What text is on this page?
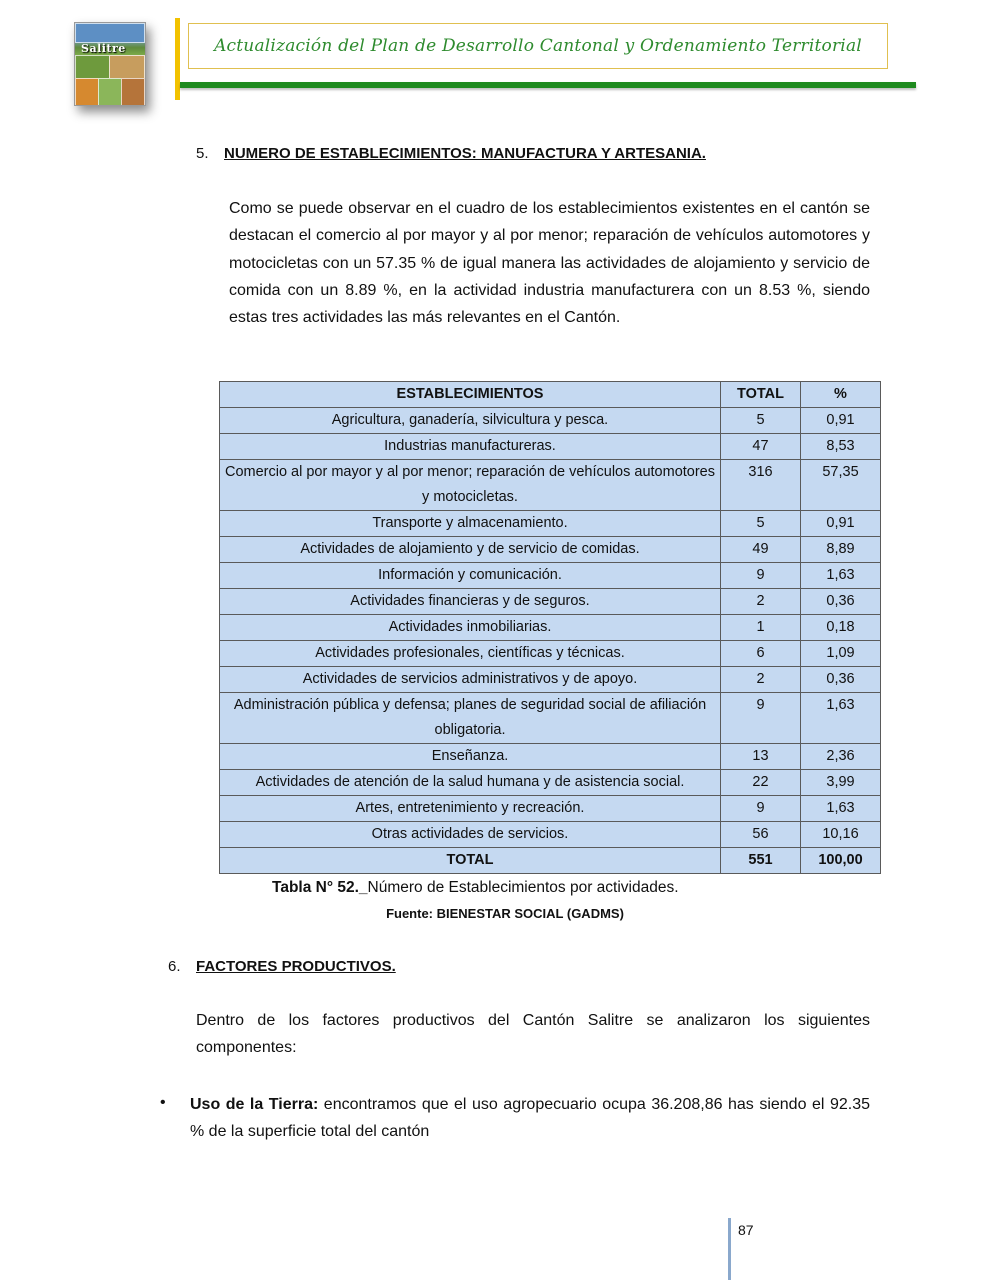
Salitre	Actualización del Plan de Desarrollo Cantonal y Ordenamiento Territorial
5. NUMERO DE ESTABLECIMIENTOS: MANUFACTURA Y ARTESANIA.
Como se puede observar en el cuadro de los establecimientos existentes en el cantón se destacan el comercio al por mayor y al por menor; reparación de vehículos automotores y motocicletas con un 57.35 % de igual manera las actividades de alojamiento y servicio de comida con un 8.89 %, en la actividad industria manufacturera con un 8.53 %, siendo estas tres actividades las más relevantes en el Cantón.
ESTABLECIMIENTOS	TOTAL	%
Agricultura, ganadería, silvicultura y pesca.	5	0,91
Industrias manufactureras.	47	8,53
Comercio al por mayor y al por menor; reparación de vehículos automotores y motocicletas.	316	57,35
Transporte y almacenamiento.	5	0,91
Actividades de alojamiento y de servicio de comidas.	49	8,89
Información y comunicación.	9	1,63
Actividades financieras y de seguros.	2	0,36
Actividades inmobiliarias.	1	0,18
Actividades profesionales, científicas y técnicas.	6	1,09
Actividades de servicios administrativos y de apoyo.	2	0,36
Administración pública y defensa; planes de seguridad social de afiliación obligatoria.	9	1,63
Enseñanza.	13	2,36
Actividades de atención de la salud humana y de asistencia social.	22	3,99
Artes, entretenimiento y recreación.	9	1,63
Otras actividades de servicios.	56	10,16
TOTAL	551	100,00
Tabla N° 52._Número de Establecimientos por actividades.
Fuente: BIENESTAR SOCIAL (GADMS)
6. FACTORES PRODUCTIVOS.
Dentro de los factores productivos del Cantón Salitre se analizaron los siguientes componentes:
• Uso de la Tierra: encontramos que el uso agropecuario ocupa 36.208,86 has siendo el 92.35 % de la superficie total del cantón
87
